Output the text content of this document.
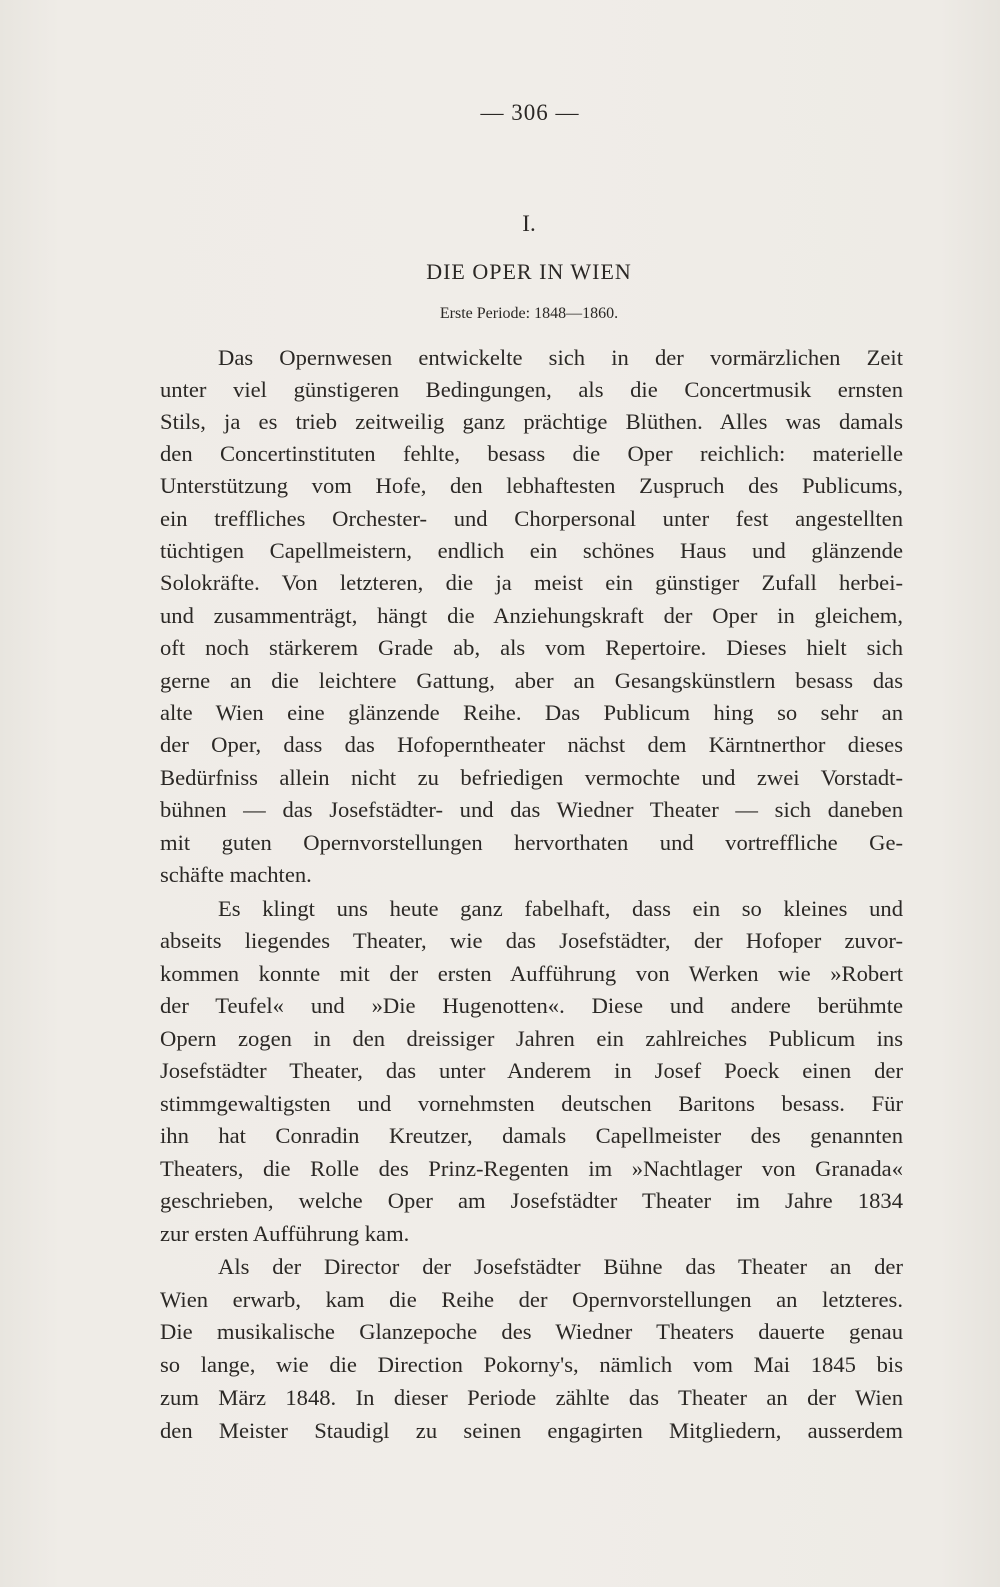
— 306 —
I.
DIE OPER IN WIEN
Erste Periode: 1848—1860.
Das Opernwesen entwickelte sich in der vormärzlichen Zeit
unter viel günstigeren Bedingungen, als die Concertmusik ernsten
Stils, ja es trieb zeitweilig ganz prächtige Blüthen. Alles was damals
den Concertinstituten fehlte, besass die Oper reichlich: materielle
Unterstützung vom Hofe, den lebhaftesten Zuspruch des Publicums,
ein treffliches Orchester- und Chorpersonal unter fest angestellten
tüchtigen Capellmeistern, endlich ein schönes Haus und glänzende
Solokräfte. Von letzteren, die ja meist ein günstiger Zufall herbei-
und zusammenträgt, hängt die Anziehungskraft der Oper in gleichem,
oft noch stärkerem Grade ab, als vom Repertoire. Dieses hielt sich
gerne an die leichtere Gattung, aber an Gesangskünstlern besass das
alte Wien eine glänzende Reihe. Das Publicum hing so sehr an
der Oper, dass das Hofoperntheater nächst dem Kärntnerthor dieses
Bedürfniss allein nicht zu befriedigen vermochte und zwei Vorstadt-
bühnen — das Josefstädter- und das Wiedner Theater — sich daneben
mit guten Opernvorstellungen hervorthaten und vortreffliche Ge-
schäfte machten.
Es klingt uns heute ganz fabelhaft, dass ein so kleines und
abseits liegendes Theater, wie das Josefstädter, der Hofoper zuvor-
kommen konnte mit der ersten Aufführung von Werken wie »Robert
der Teufel« und »Die Hugenotten«. Diese und andere berühmte
Opern zogen in den dreissiger Jahren ein zahlreiches Publicum ins
Josefstädter Theater, das unter Anderem in Josef Poeck einen der
stimmgewaltigsten und vornehmsten deutschen Baritons besass. Für
ihn hat Conradin Kreutzer, damals Capellmeister des genannten
Theaters, die Rolle des Prinz-Regenten im »Nachtlager von Granada«
geschrieben, welche Oper am Josefstädter Theater im Jahre 1834
zur ersten Aufführung kam.
Als der Director der Josefstädter Bühne das Theater an der
Wien erwarb, kam die Reihe der Opernvorstellungen an letzteres.
Die musikalische Glanzepoche des Wiedner Theaters dauerte genau
so lange, wie die Direction Pokorny's, nämlich vom Mai 1845 bis
zum März 1848. In dieser Periode zählte das Theater an der Wien
den Meister Staudigl zu seinen engagirten Mitgliedern, ausserdem
